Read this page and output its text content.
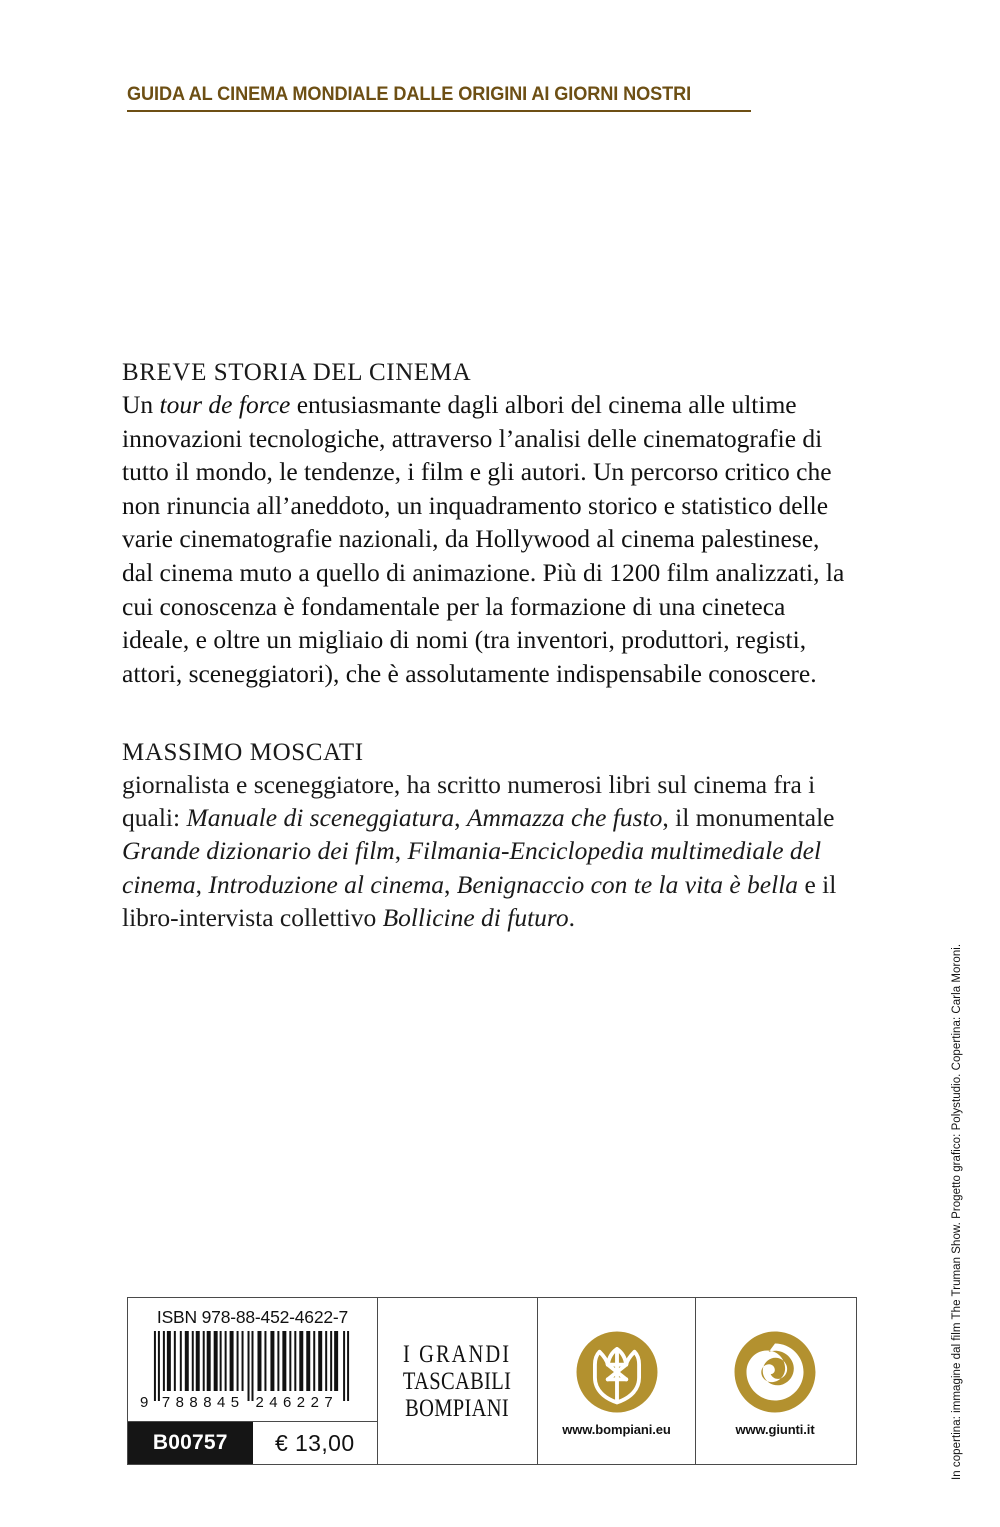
GUIDA AL CINEMA MONDIALE DALLE ORIGINI AI GIORNI NOSTRI
BREVE STORIA DEL CINEMA

Un tour de force entusiasmante dagli albori del cinema alle ultime innovazioni tecnologiche, attraverso l’analisi delle cinematografie di tutto il mondo, le tendenze, i film e gli autori. Un percorso critico che non rinuncia all’aneddoto, un inquadramento storico e statistico delle varie cinematografie nazionali, da Hollywood al cinema palestinese, dal cinema muto a quello di animazione. Più di 1200 film analizzati, la cui conoscenza è fondamentale per la formazione di una cineteca ideale, e oltre un migliaio di nomi (tra inventori, produttori, registi, attori, sceneggiatori), che è assolutamente indispensabile conoscere.

MASSIMO MOSCATI

giornalista e sceneggiatore, ha scritto numerosi libri sul cinema fra i quali: Manuale di sceneggiatura, Ammazza che fusto, il monumentale Grande dizionario dei film, Filmania-Enciclopedia multimediale del cinema, Introduzione al cinema, Benignaccio con te la vita è bella e il libro-intervista collettivo Bollicine di futuro.

In copertina: immagine dal film The Truman Show. Progetto grafico: Polystudio. Copertina: Carla Moroni.
ISBN 978-88-452-4622-7
9 788845 246227
B00757	€ 13,00
I GRANDI
TASCABILI
BOMPIANI
www.bompiani.eu	www.giunti.it
